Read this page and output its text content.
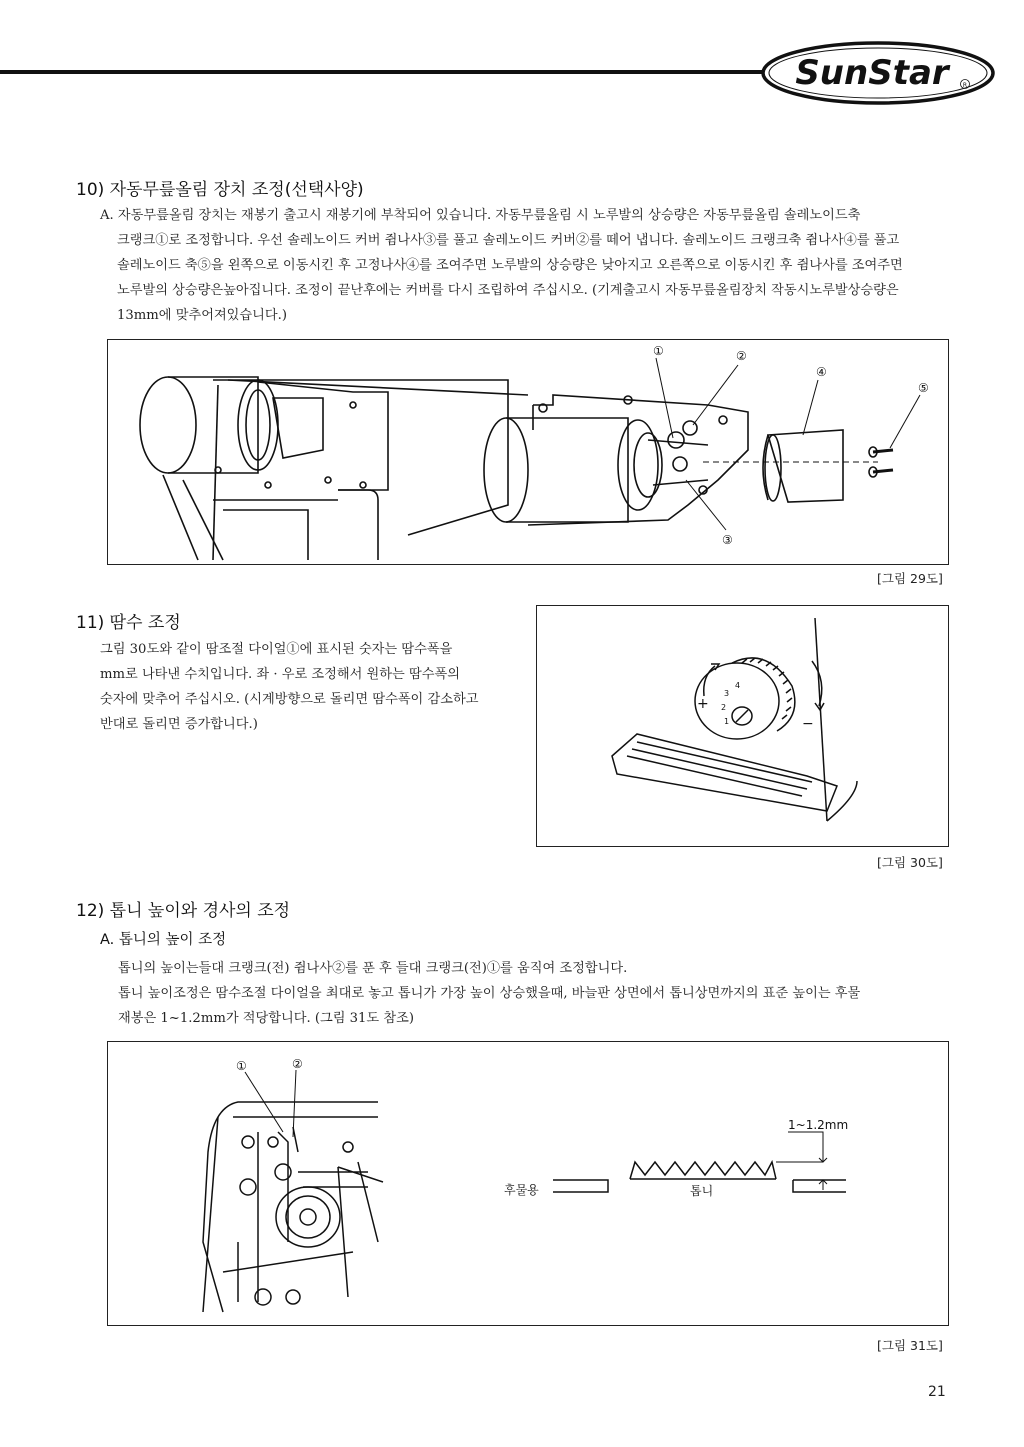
SunStar	R
10) 자동무릎올림 장치 조정(선택사양)
A. 자동무릎올림 장치는 재봉기 출고시 재봉기에 부착되어 있습니다. 자동무릎올림 시 노루발의 상승량은 자동무릎올림 솔레노이드축
크랭크①로 조정합니다. 우선 솔레노이드 커버 쥠나사③를 풀고 솔레노이드 커버②를 떼어 냅니다. 솔레노이드 크랭크축 쥠나사④를 풀고
솔레노이드 축⑤을 왼쪽으로 이동시킨 후 고정나사④를 조여주면 노루발의 상승량은 낮아지고 오른쪽으로 이동시킨 후 쥠나사를 조여주면
노루발의 상승량은높아집니다. 조정이 끝난후에는 커버를 다시 조립하여 주십시오. (기계출고시 자동무릎올림장치 작동시노루발상승량은
13mm에 맞추어져있습니다.)
①	②
④
⑤
③
[그림 29도]
11) 땀수 조정
그림 30도와 같이 땀조절 다이얼①에 표시된 숫자는 땀수폭을
mm로 나타낸 수치입니다. 좌 · 우로 조정해서 원하는 땀수폭의
숫자에 맞추어 주십시오. (시계방향으로 돌리면 땀수폭이 감소하고
반대로 돌리면 증가합니다.)
+
−
1
2
3
4
[그림 30도]
12) 톱니 높이와 경사의 조정
A. 톱니의 높이 조정
톱니의 높이는들대 크랭크(전) 쥠나사②를 푼 후 들대 크랭크(전)①를 움직여 조정합니다.
톱니 높이조정은 땀수조절 다이얼을 최대로 놓고 톱니가 가장 높이 상승했을때, 바늘판 상면에서 톱니상면까지의 표준 높이는 후물
재봉은 1~1.2mm가 적당합니다. (그림 31도 참조)
①	②
1~1.2mm
후물용	톱니
[그림 31도]
21
